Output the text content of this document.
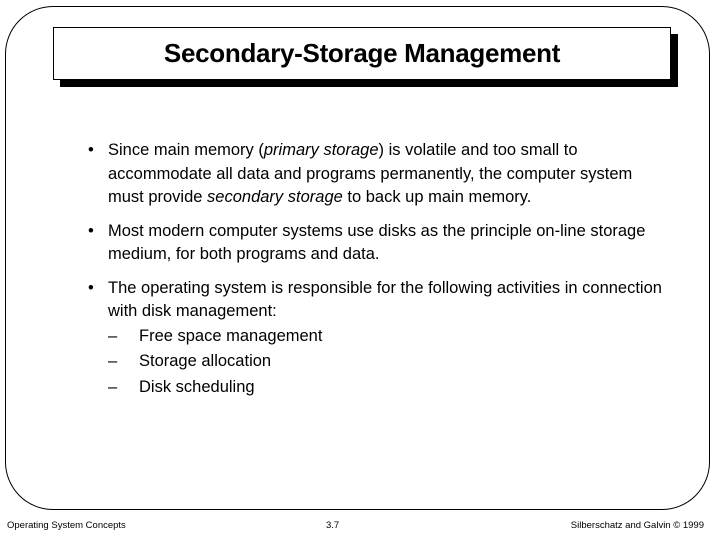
Secondary-Storage Management
• Since main memory (primary storage) is volatile and too small to accommodate all data and programs permanently, the computer system must provide secondary storage to back up main memory.
• Most modern computer systems use disks as the principle on-line storage medium, for both programs and data.
• The operating system is responsible for the following activities in connection with disk management:
– Free space management
– Storage allocation
– Disk scheduling
Operating System Concepts	3.7	Silberschatz and Galvin © 1999
